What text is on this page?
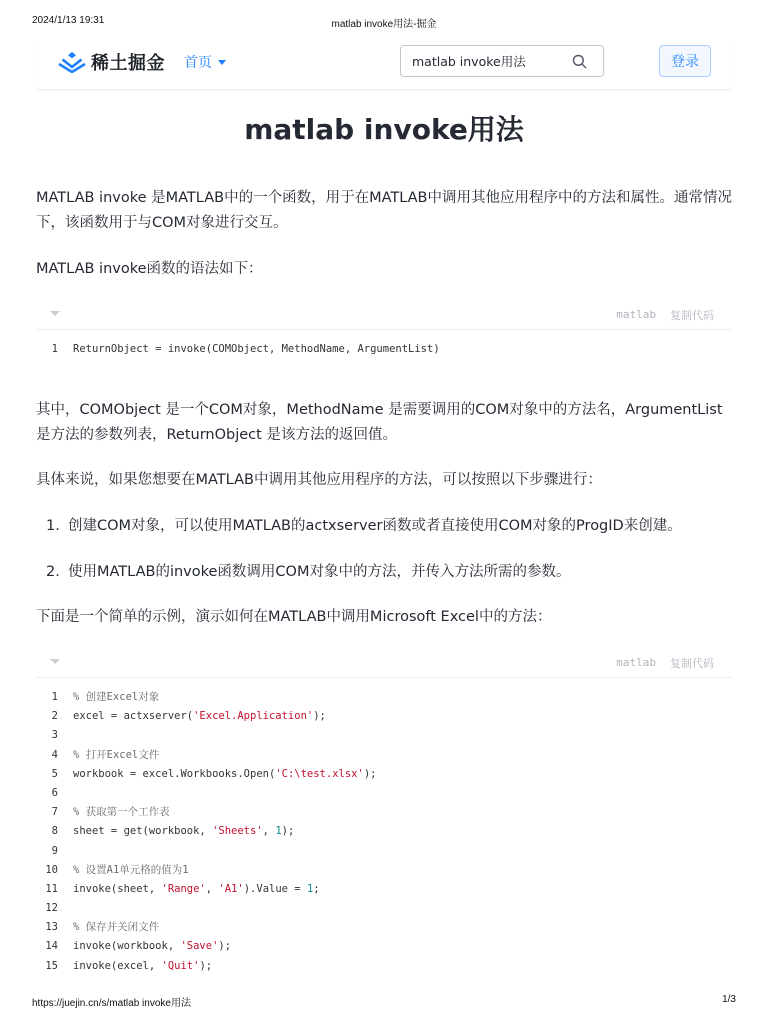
2024/1/13 19:31	matlab invoke用法-掘金
稀土掘金 首页
matlab invoke用法	登录
matlab invoke用法

MATLAB invoke 是MATLAB中的一个函数，用于在MATLAB中调用其他应用程序中的方法和属性。通常情况下，该函数用于与COM对象进行交互。

MATLAB invoke函数的语法如下：

matlab 复制代码
1 ReturnObject = invoke(COMObject, MethodName, ArgumentList)

其中，COMObject 是一个COM对象，MethodName 是需要调用的COM对象中的方法名，ArgumentList 是方法的参数列表，ReturnObject 是该方法的返回值。

具体来说，如果您想要在MATLAB中调用其他应用程序的方法，可以按照以下步骤进行：

1. 创建COM对象，可以使用MATLAB的actxserver函数或者直接使用COM对象的ProgID来创建。
2. 使用MATLAB的invoke函数调用COM对象中的方法，并传入方法所需的参数。

下面是一个简单的示例，演示如何在MATLAB中调用Microsoft Excel中的方法：

matlab 复制代码
1 % 创建Excel对象
2 excel = actxserver('Excel.Application');
3
4 % 打开Excel文件
5 workbook = excel.Workbooks.Open('C:\test.xlsx');
6
7 % 获取第一个工作表
8 sheet = get(workbook, 'Sheets', 1);
9
10 % 设置A1单元格的值为1
11 invoke(sheet, 'Range', 'A1').Value = 1;
12
13 % 保存并关闭文件
14 invoke(workbook, 'Save');
15 invoke(excel, 'Quit');
https://juejin.cn/s/matlab invoke用法	1/3
